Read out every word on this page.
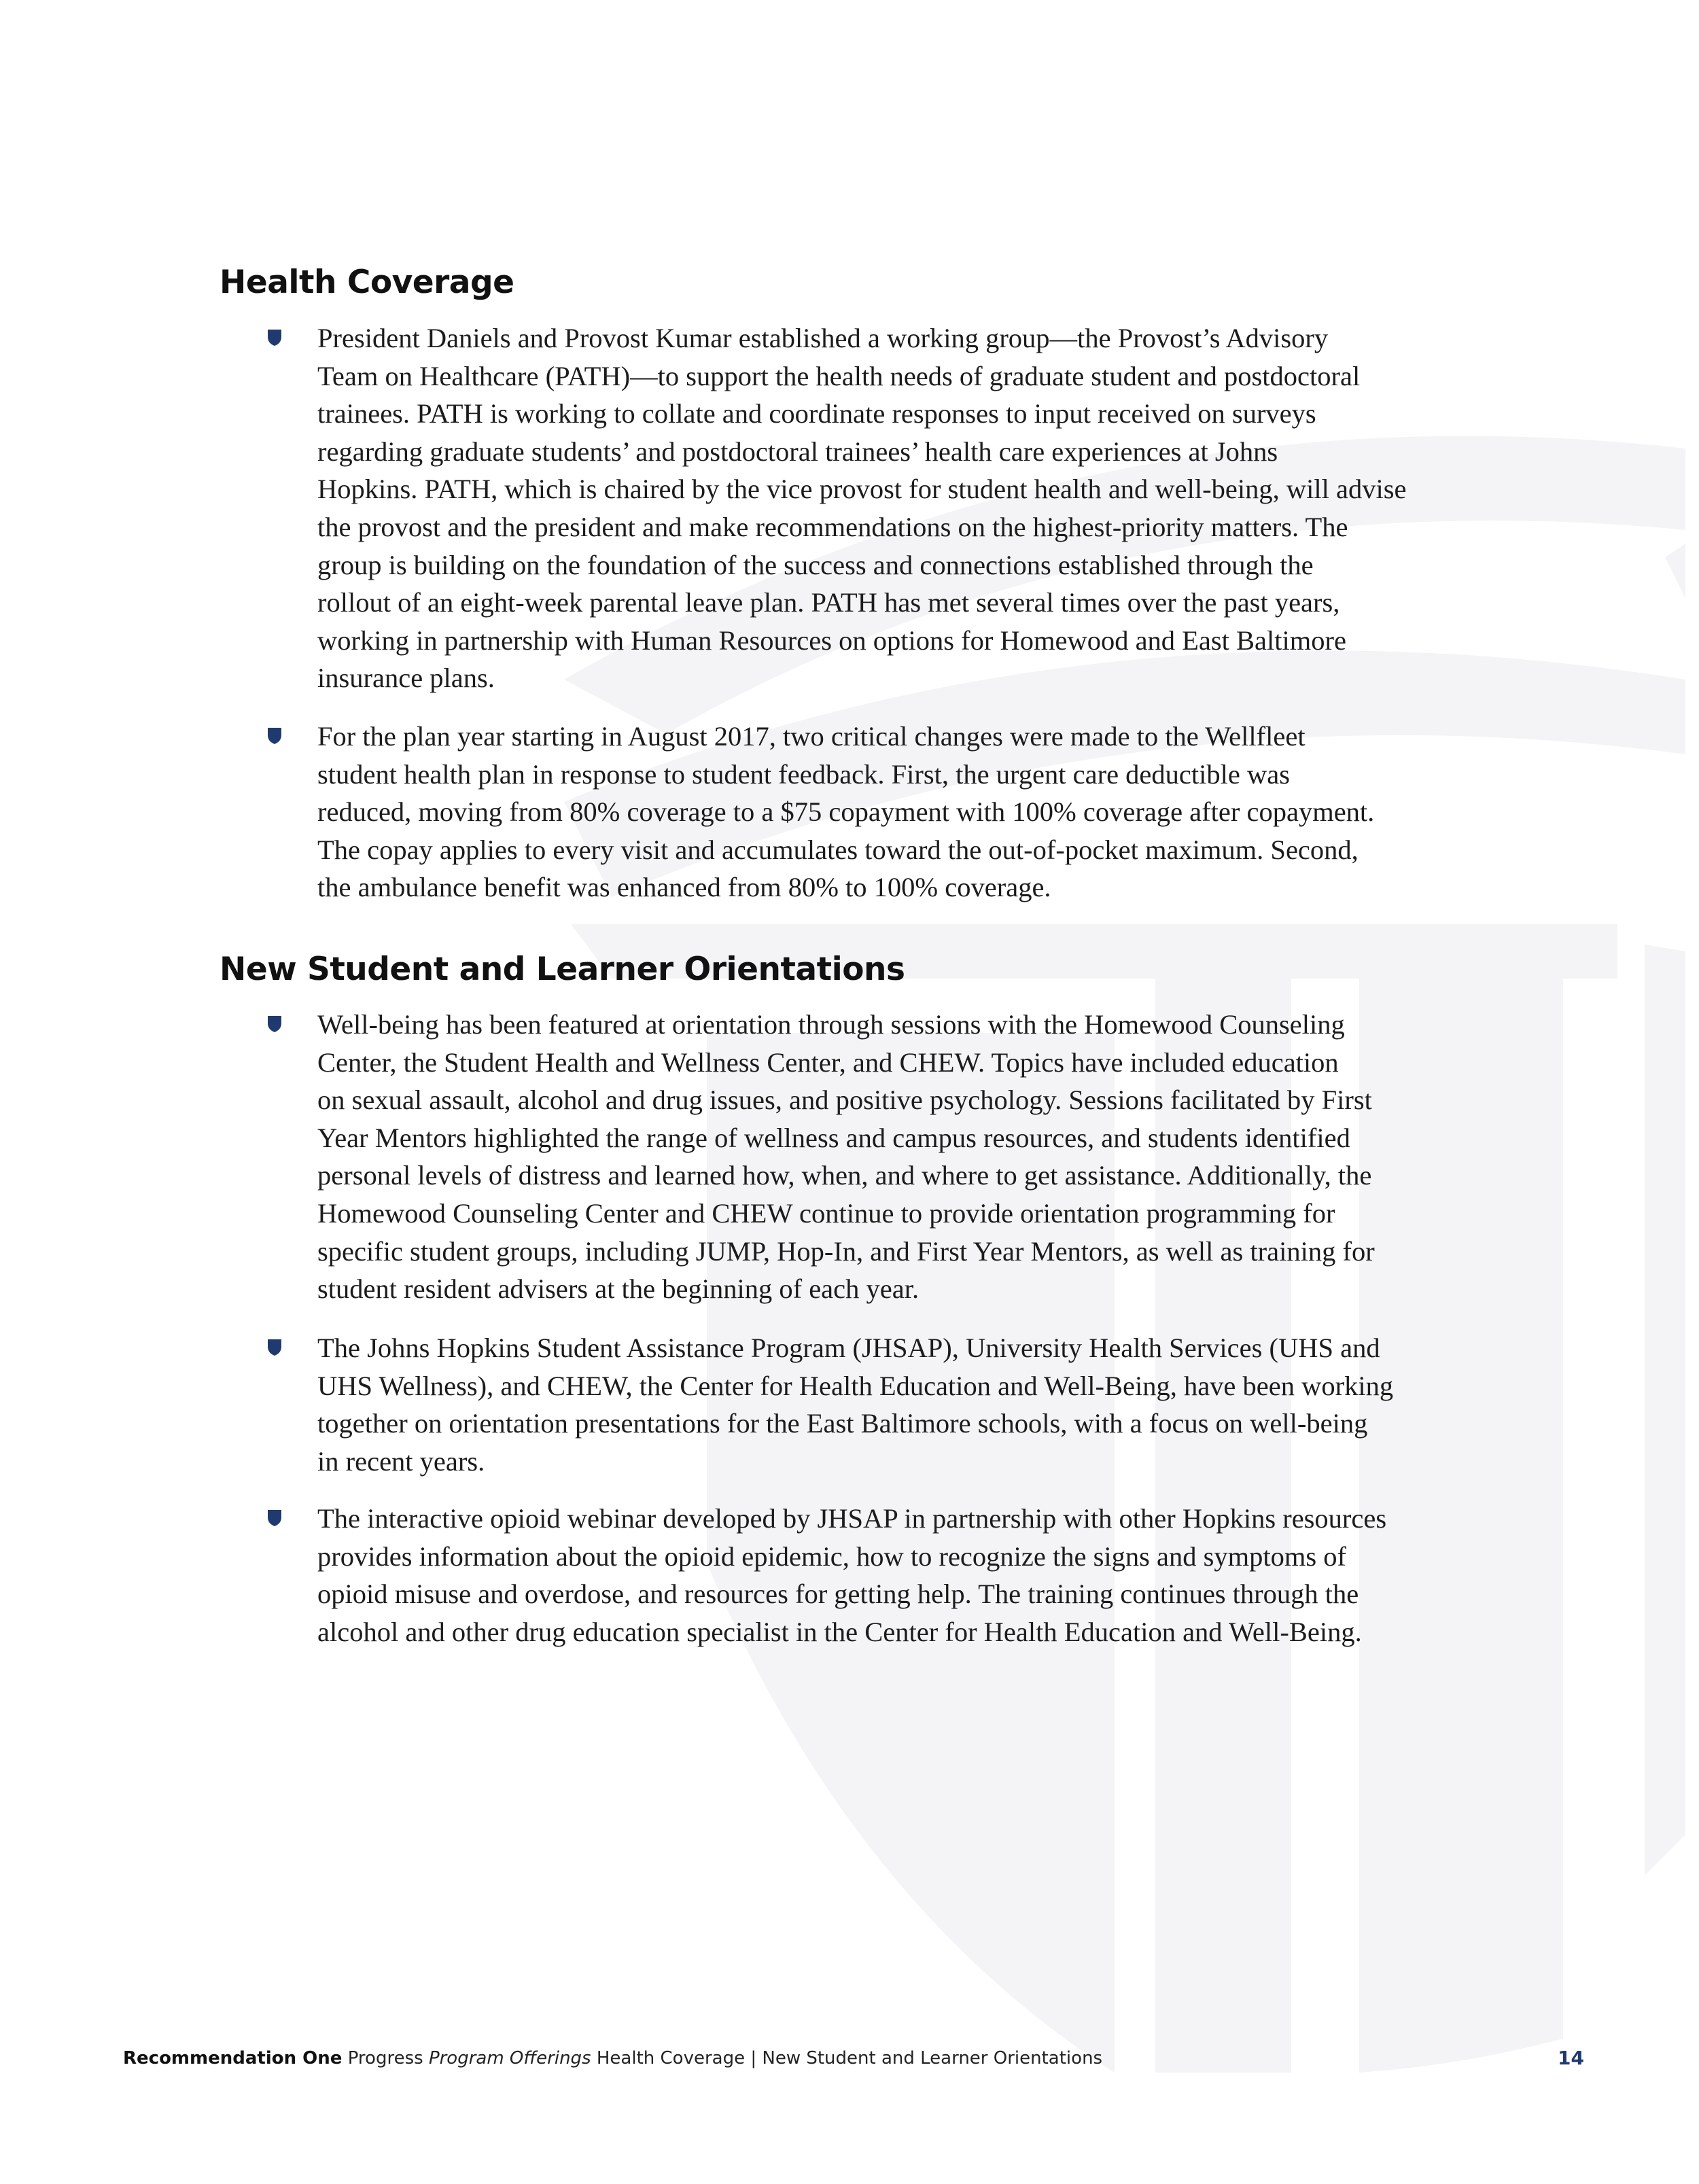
Health Coverage
President Daniels and Provost Kumar established a working group—the Provost’s Advisory
Team on Healthcare (PATH)—to support the health needs of graduate student and postdoctoral
trainees. PATH is working to collate and coordinate responses to input received on surveys
regarding graduate students’ and postdoctoral trainees’ health care experiences at Johns
Hopkins. PATH, which is chaired by the vice provost for student health and well-being, will advise
the provost and the president and make recommendations on the highest-priority matters. The
group is building on the foundation of the success and connections established through the
rollout of an eight-week parental leave plan. PATH has met several times over the past years,
working in partnership with Human Resources on options for Homewood and East Baltimore
insurance plans.
For the plan year starting in August 2017, two critical changes were made to the Wellfleet
student health plan in response to student feedback. First, the urgent care deductible was
reduced, moving from 80% coverage to a $75 copayment with 100% coverage after copayment.
The copay applies to every visit and accumulates toward the out-of-pocket maximum. Second,
the ambulance benefit was enhanced from 80% to 100% coverage.
New Student and Learner Orientations
Well-being has been featured at orientation through sessions with the Homewood Counseling
Center, the Student Health and Wellness Center, and CHEW. Topics have included education
on sexual assault, alcohol and drug issues, and positive psychology. Sessions facilitated by First
Year Mentors highlighted the range of wellness and campus resources, and students identified
personal levels of distress and learned how, when, and where to get assistance. Additionally, the
Homewood Counseling Center and CHEW continue to provide orientation programming for
specific student groups, including JUMP, Hop-In, and First Year Mentors, as well as training for
student resident advisers at the beginning of each year.
The Johns Hopkins Student Assistance Program (JHSAP), University Health Services (UHS and
UHS Wellness), and CHEW, the Center for Health Education and Well-Being, have been working
together on orientation presentations for the East Baltimore schools, with a focus on well-being
in recent years.
The interactive opioid webinar developed by JHSAP in partnership with other Hopkins resources
provides information about the opioid epidemic, how to recognize the signs and symptoms of
opioid misuse and overdose, and resources for getting help. The training continues through the
alcohol and other drug education specialist in the Center for Health Education and Well-Being.
Recommendation One Progress Program Offerings Health Coverage | New Student and Learner Orientations	14
